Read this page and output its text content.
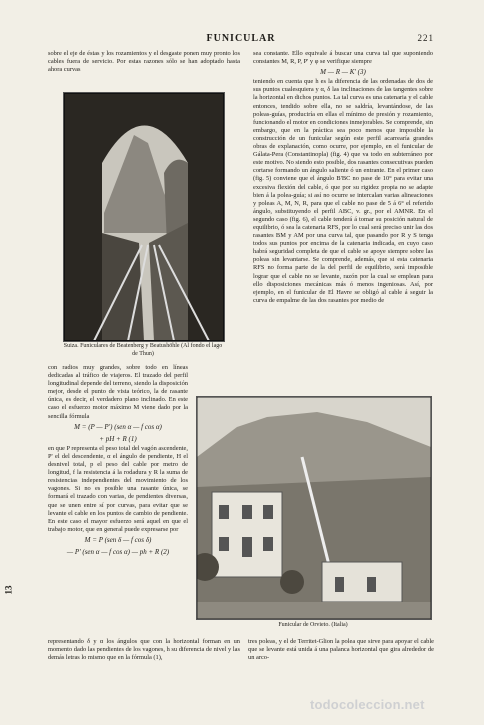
FUNICULAR	221

sobre el eje de éstas y los rozamientos y el desgaste ponen muy pronto los cables fuera de servicio. Por estas razones sólo se han adoptado hasta ahora curvas

sea constante. Ello equivale á buscar una curva tal que suponiendo constantes M, R, P, P' y φ se verifique siempre

M — R — K' (3)

teniendo en cuenta que h es la diferencia de las ordenadas de dos de sus puntos cualesquiera y α, δ las inclinaciones de las tangentes sobre la horizontal en dichos puntos. La tal curva es una catenaria y el cable entonces, tendido sobre ella, no se saldría, levantándose, de las poleas-guías, produciría en ellas el mínimo de presión y rozamiento, funcionando el motor en condiciones inmejorables. Se comprende, sin embargo, que en la práctica sea poco menos que imposible la construcción de un funicular según este perfil acarrearía grandes obras de explanación, como ocurre, por ejemplo, en el funicular de Gálata-Pera (Constantinopla) (fig. 4) que va todo en subterráneo por este motivo. No siendo esto posible, dos rasantes consecutivas pueden cortarse formando un ángulo saliente ó un entrante. En el primer caso (fig. 5) conviene que el ángulo B'BC no pase de 10° para evitar una excesiva flexión del cable, ó que por su rigidez propia no se adapte bien á la polea-guía; si así no ocurre se intercalan varias alineaciones y poleas A, M, N, R, para que el cable no pase de 5 á 6° el referido ángulo, substituyendo el perfil ABC, v. gr., por el AMNR. En el segundo caso (fig. 6), el cable tenderá á tomar su posición natural de equilibrio, ó sea la catenaria RFS, por lo cual será preciso unir las dos rasantes BM y AM por una curva tal, que pasando por R y S tenga todos sus puntos por encima de la catenaria indicada, en cuyo caso habrá seguridad completa de que el cable se apoye siempre sobre las poleas sin levantarse. Se comprende, además, que si esta catenaria RFS no forma parte de la del perfil de equilibrio, será imposible lograr que el cable no se levante, razón por la cual se emplean para ello disposiciones mecánicas más ó menos ingeniosas. Así, por ejemplo, en el funicular de El Havre se obligó al cable á seguir la curva de empalme de las dos rasantes por medio de

Suiza. Funiculares de Beatenberg y Beatushöhle (Al fondo el lago de Thun)

con radios muy grandes, sobre todo en líneas dedicadas al tráfico de viajeros. El trazado del perfil longitudinal depende del terreno, siendo la disposición mejor, desde el punto de vista teórico, la de rasante única, es decir, el verdadero plano inclinado. En este caso el esfuerzo motor máximo M viene dado por la sencilla fórmula

M = (P — P') (sen α — f cos α)
+ pH + R (1)

en que P representa el peso total del vagón ascendente, P' el del descendente, α el ángulo de pendiente, H el desnivel total, p el peso del cable por metro de longitud, f la resistencia á la rodadura y R la suma de resistencias independientes del movimiento de los vagones. Si no es posible una rasante única, se formará el trazado con varias, de pendientes diversas, que se unen entre sí por curvas, para evitar que se levante el cable en los puntos de cambio de pendiente. En este caso el mayor esfuerzo será aquel en que el trabajo motor, que en general puede expresarse por

M = P (sen δ — f cos δ)
— P' (sen α — f cos α) — ph + R (2)
Funicular de Orvieto. (Italia)

representando δ y α los ángulos que con la horizontal forman en un momento dado las pendientes de los vagones, h su diferencia de nivel y las demás letras lo mismo que en la fórmula (1),

tres poleas, y el de Territet-Glion la polea que sirve para apoyar el cable que se levante está unida á una palanca horizontal que gira alrededor de un arco-

13
todocoleccion.net
